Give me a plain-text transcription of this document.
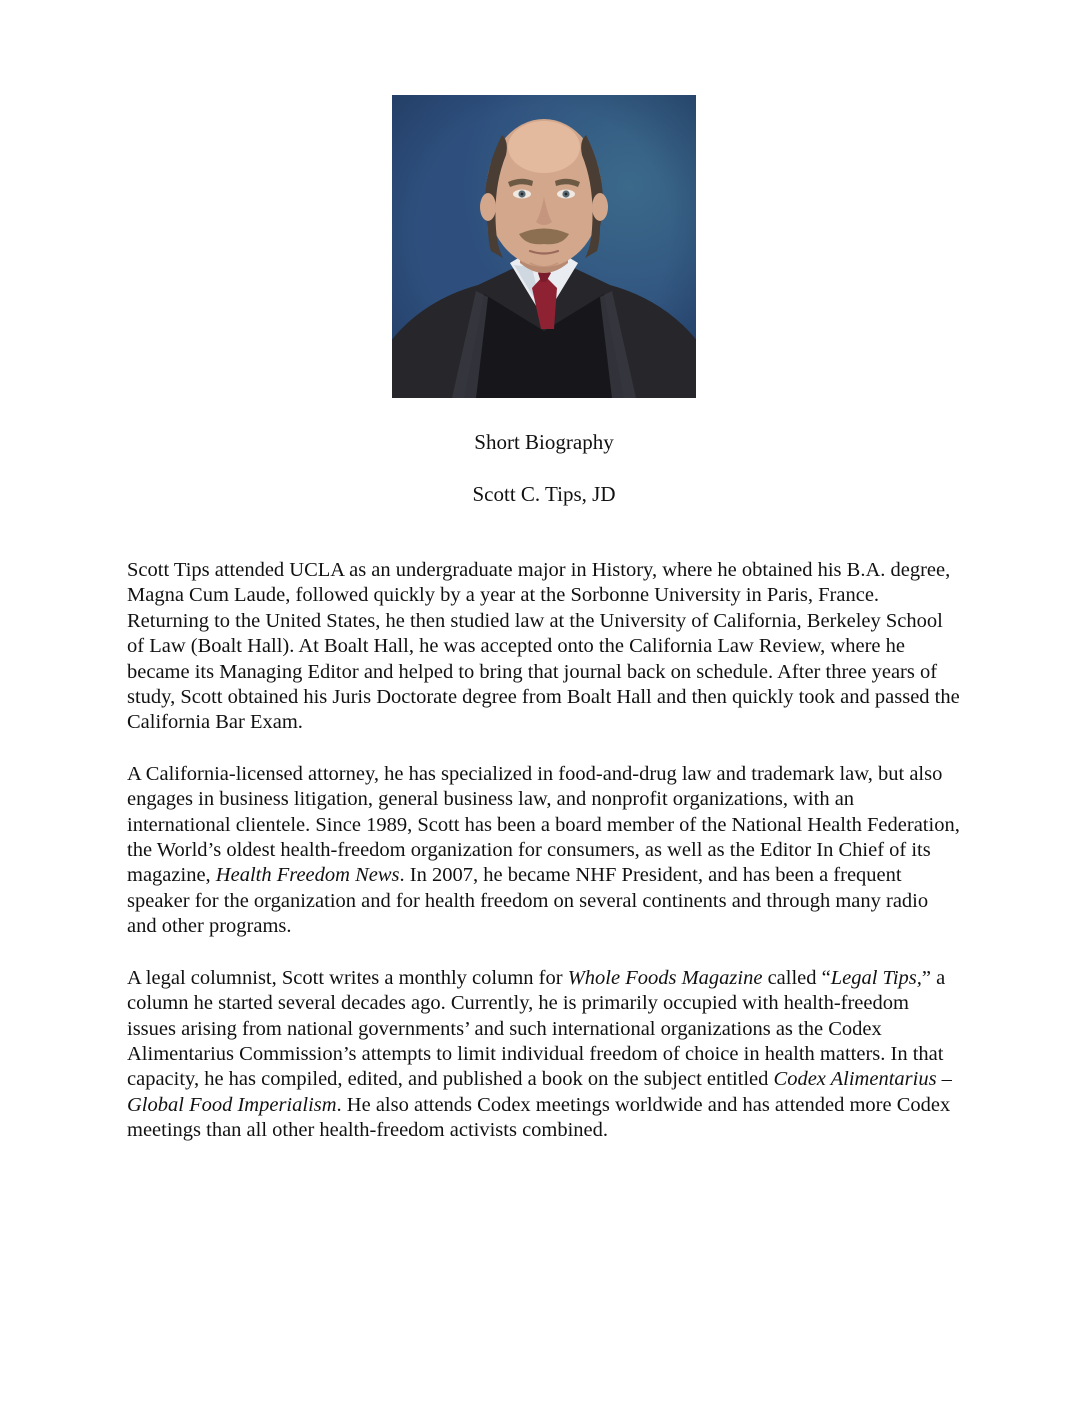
Short Biography
Scott C. Tips, JD

Scott Tips attended UCLA as an undergraduate major in History, where he obtained his B.A. degree, Magna Cum Laude, followed quickly by a year at the Sorbonne University in Paris, France. Returning to the United States, he then studied law at the University of California, Berkeley School of Law (Boalt Hall). At Boalt Hall, he was accepted onto the California Law Review, where he became its Managing Editor and helped to bring that journal back on schedule. After three years of study, Scott obtained his Juris Doctorate degree from Boalt Hall and then quickly took and passed the California Bar Exam.

A California-licensed attorney, he has specialized in food-and-drug law and trademark law, but also engages in business litigation, general business law, and nonprofit organizations, with an international clientele. Since 1989, Scott has been a board member of the National Health Federation, the World’s oldest health-freedom organization for consumers, as well as the Editor In Chief of its magazine, Health Freedom News. In 2007, he became NHF President, and has been a frequent speaker for the organization and for health freedom on several continents and through many radio and other programs.

A legal columnist, Scott writes a monthly column for Whole Foods Magazine called “Legal Tips,” a column he started several decades ago. Currently, he is primarily occupied with health-freedom issues arising from national governments’ and such international organizations as the Codex Alimentarius Commission’s attempts to limit individual freedom of choice in health matters. In that capacity, he has compiled, edited, and published a book on the subject entitled Codex Alimentarius – Global Food Imperialism. He also attends Codex meetings worldwide and has attended more Codex meetings than all other health-freedom activists combined.
